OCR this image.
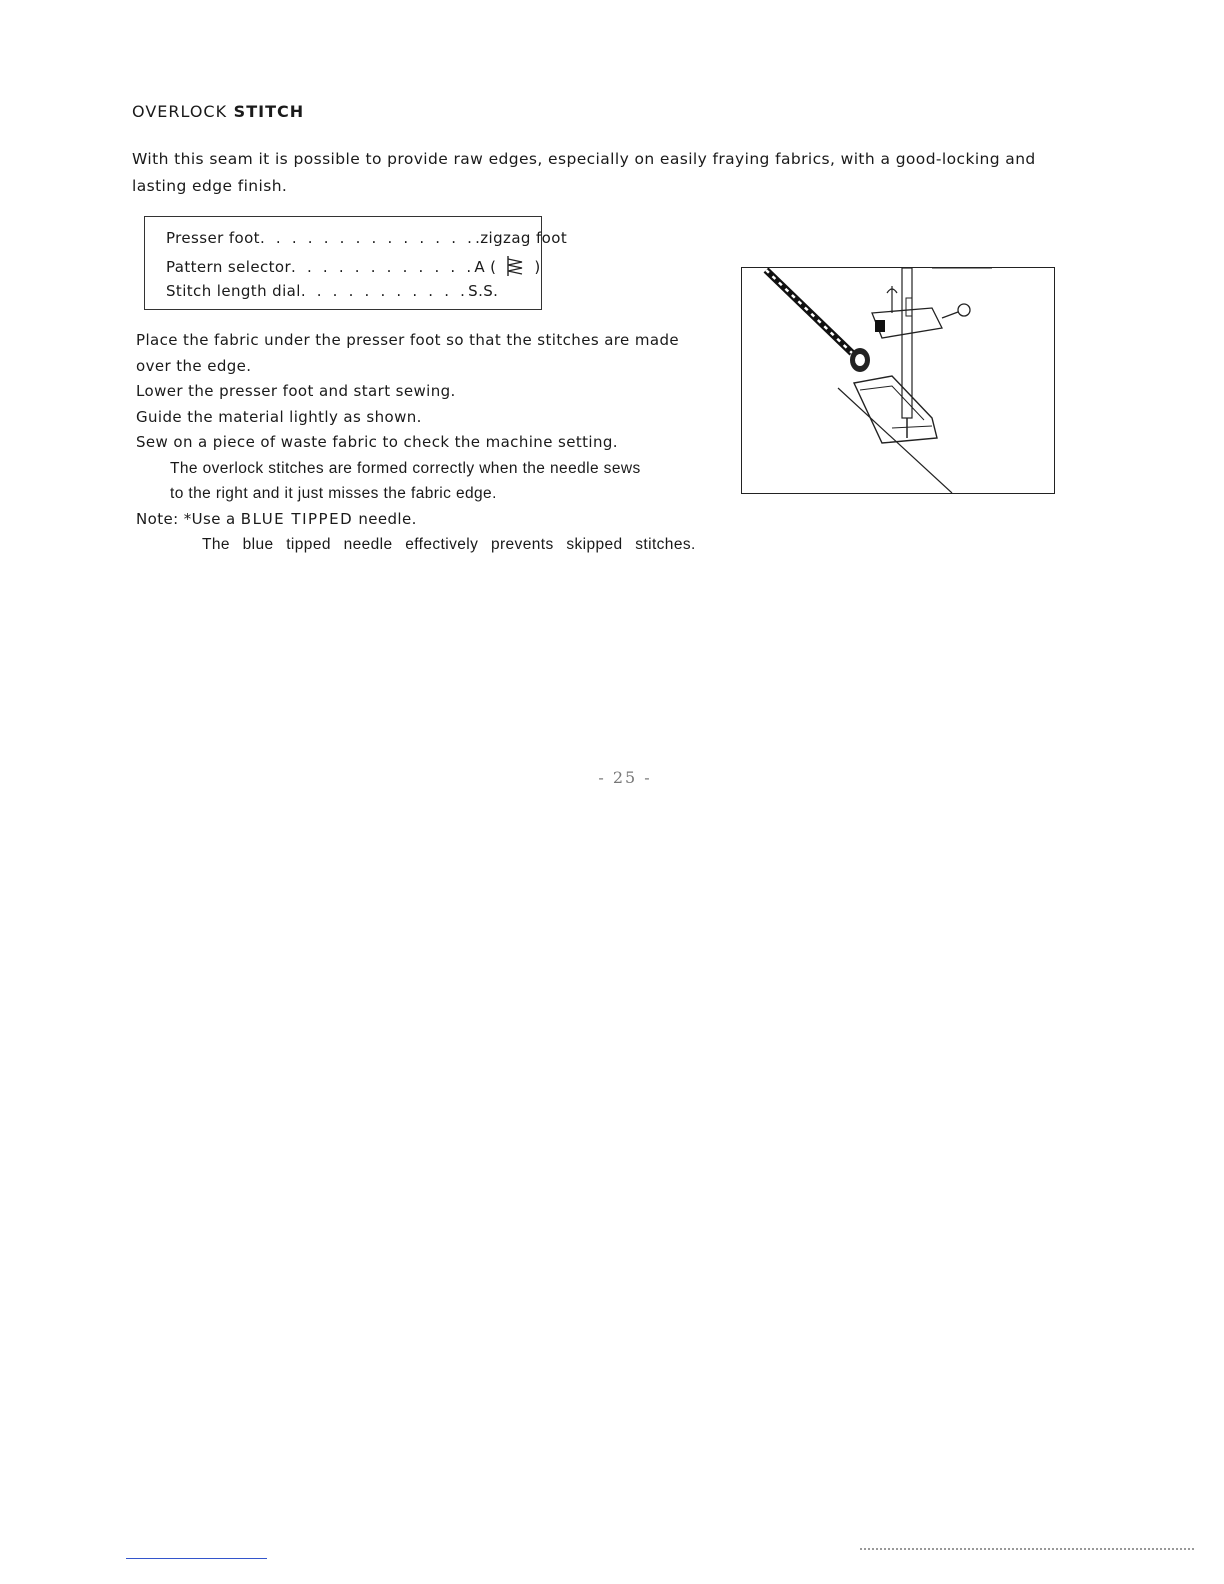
OVERLOCK STITCH
With this seam it is possible to provide raw edges, especially on easily fraying fabrics, with a good-locking and lasting edge finish.
Presser foot. . . . . . . . . . . . . ..zigzag foot
Pattern selector. . . . . . . . . . . .A (	)
Stitch length dial. . . . . . . . . . .S.S.

Place the fabric under the presser foot so that the stitches are made

over the edge.

Lower the presser foot and start sewing.

Guide the material lightly as shown.

Sew on a piece of waste fabric to check the machine setting.

The overlock stitches are formed correctly when the needle sews

to the right and it just misses the fabric edge.

Note: *Use a BLUE TIPPED needle.

The blue tipped needle effectively prevents skipped stitches.

- 25 -
